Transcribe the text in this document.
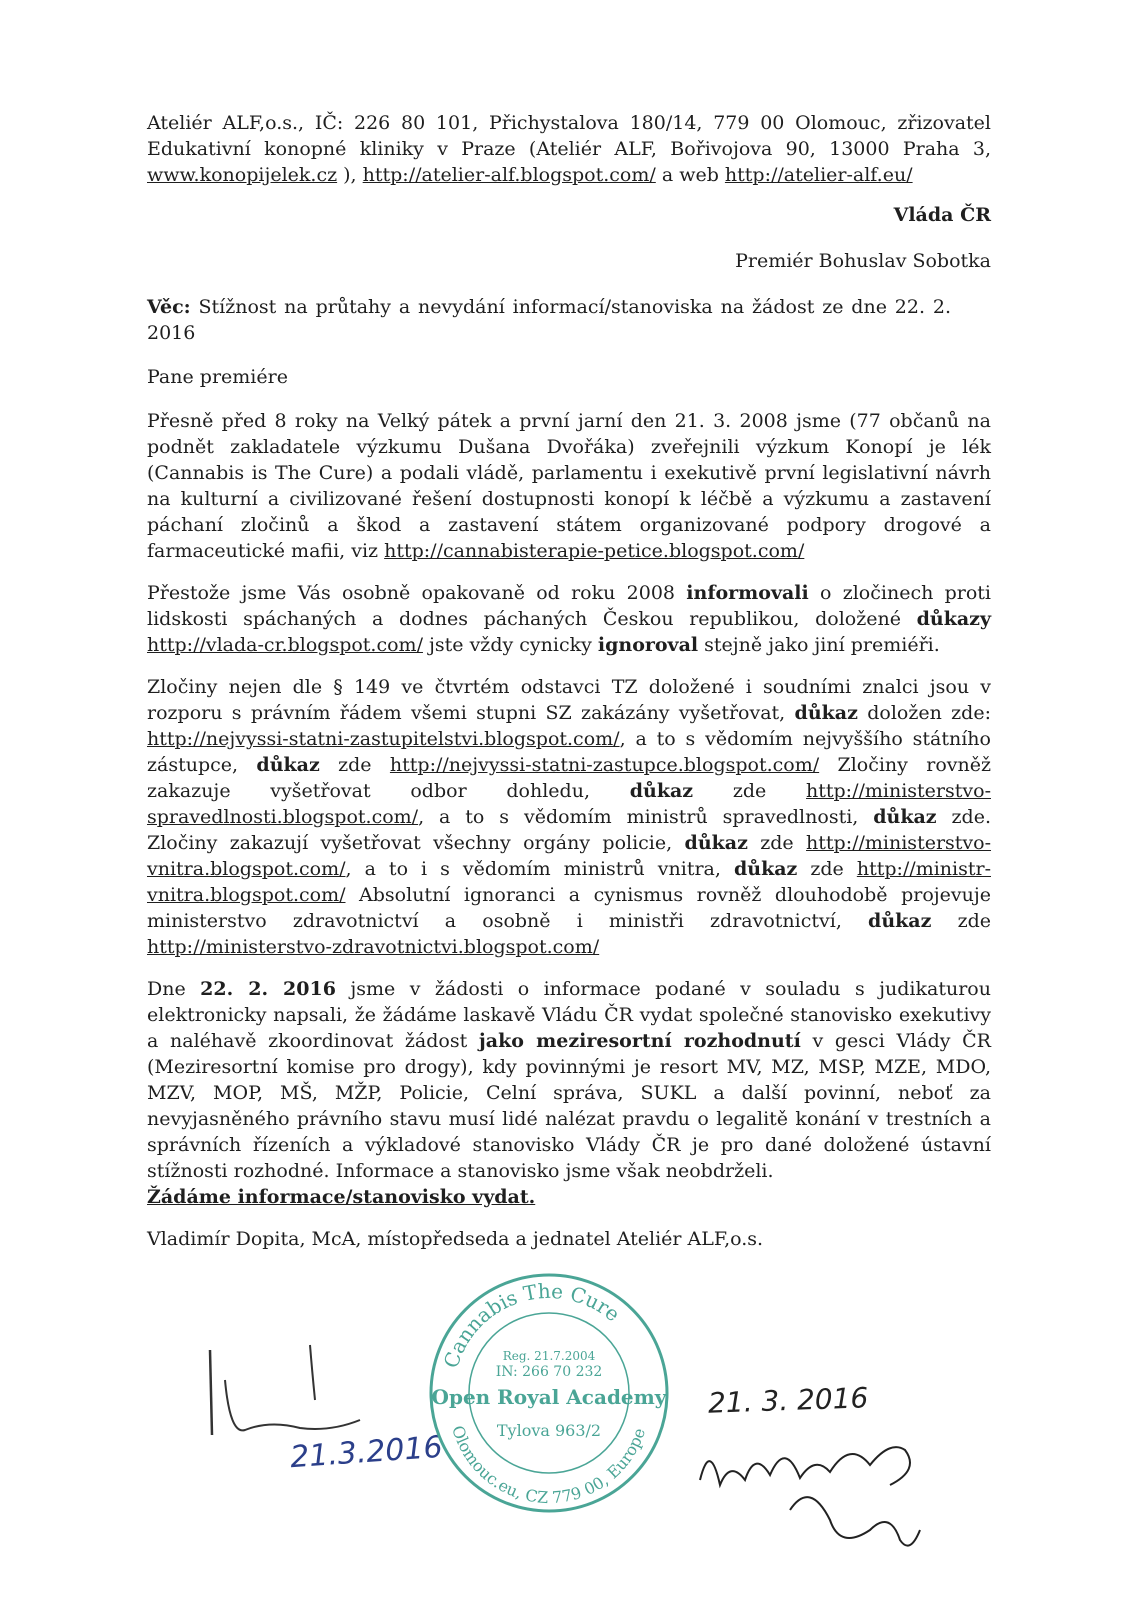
Ateliér ALF,o.s., IČ: 226 80 101, Přichystalova 180/14, 779 00 Olomouc, zřizovatel Edukativní konopné kliniky v Praze (Ateliér ALF, Bořivojova 90, 13000 Praha 3, www.konopijelek.cz ), http://atelier-alf.blogspot.com/ a web http://atelier-alf.eu/

Vláda ČR

Premiér Bohuslav Sobotka

Věc: Stížnost na průtahy a nevydání informací/stanoviska na žádost ze dne 22. 2. 2016

Pane premiére

Přesně před 8 roky na Velký pátek a první jarní den 21. 3. 2008 jsme (77 občanů na podnět zakladatele výzkumu Dušana Dvořáka) zveřejnili výzkum Konopí je lék (Cannabis is The Cure) a podali vládě, parlamentu i exekutivě první legislativní návrh na kulturní a civilizované řešení dostupnosti konopí k léčbě a výzkumu a zastavení páchaní zločinů a škod a zastavení státem organizované podpory drogové a farmaceutické mafii, viz http://cannabisterapie-petice.blogspot.com/

Přestože jsme Vás osobně opakovaně od roku 2008 informovali o zločinech proti lidskosti spáchaných a dodnes páchaných Českou republikou, doložené důkazy http://vlada-cr.blogspot.com/ jste vždy cynicky ignoroval stejně jako jiní premiéři.

Zločiny nejen dle § 149 ve čtvrtém odstavci TZ doložené i soudními znalci jsou v rozporu s právním řádem všemi stupni SZ zakázány vyšetřovat, důkaz doložen zde: http://nejvyssi-statni-zastupitelstvi.blogspot.com/, a to s vědomím nejvyššího státního zástupce, důkaz zde http://nejvyssi-statni-zastupce.blogspot.com/ Zločiny rovněž zakazuje vyšetřovat odbor dohledu, důkaz zde http://ministerstvo-spravedlnosti.blogspot.com/, a to s vědomím ministrů spravedlnosti, důkaz zde. Zločiny zakazují vyšetřovat všechny orgány policie, důkaz zde http://ministerstvo-vnitra.blogspot.com/, a to i s vědomím ministrů vnitra, důkaz zde http://ministr-vnitra.blogspot.com/ Absolutní ignoranci a cynismus rovněž dlouhodobě projevuje ministerstvo zdravotnictví a osobně i ministři zdravotnictví, důkaz zde http://ministerstvo-zdravotnictvi.blogspot.com/

Dne 22. 2. 2016 jsme v žádosti o informace podané v souladu s judikaturou elektronicky napsali, že žádáme laskavě Vládu ČR vydat společné stanovisko exekutivy a naléhavě zkoordinovat žádost jako meziresortní rozhodnutí v gesci Vlády ČR (Meziresortní komise pro drogy), kdy povinnými je resort MV, MZ, MSP, MZE, MDO, MZV, MOP, MŠ, MŽP, Policie, Celní správa, SUKL a další povinní, neboť za nevyjasněného právního stavu musí lidé nalézat pravdu o legalitě konání v trestních a správních řízeních a výkladové stanovisko Vlády ČR je pro dané doložené ústavní stížnosti rozhodné. Informace a stanovisko jsme však neobdrželi.
Žádáme informace/stanovisko vydat.

Vladimír Dopita, McA, místopředseda a jednatel Ateliér ALF,o.s.

21.3.2016
21. 3. 2016
Cannabis The Cure
Olomouc.eu, CZ 779 00, Europe
Reg. 21.7.2004
IN: 266 70 232
Open Royal Academy
Tylova 963/2
